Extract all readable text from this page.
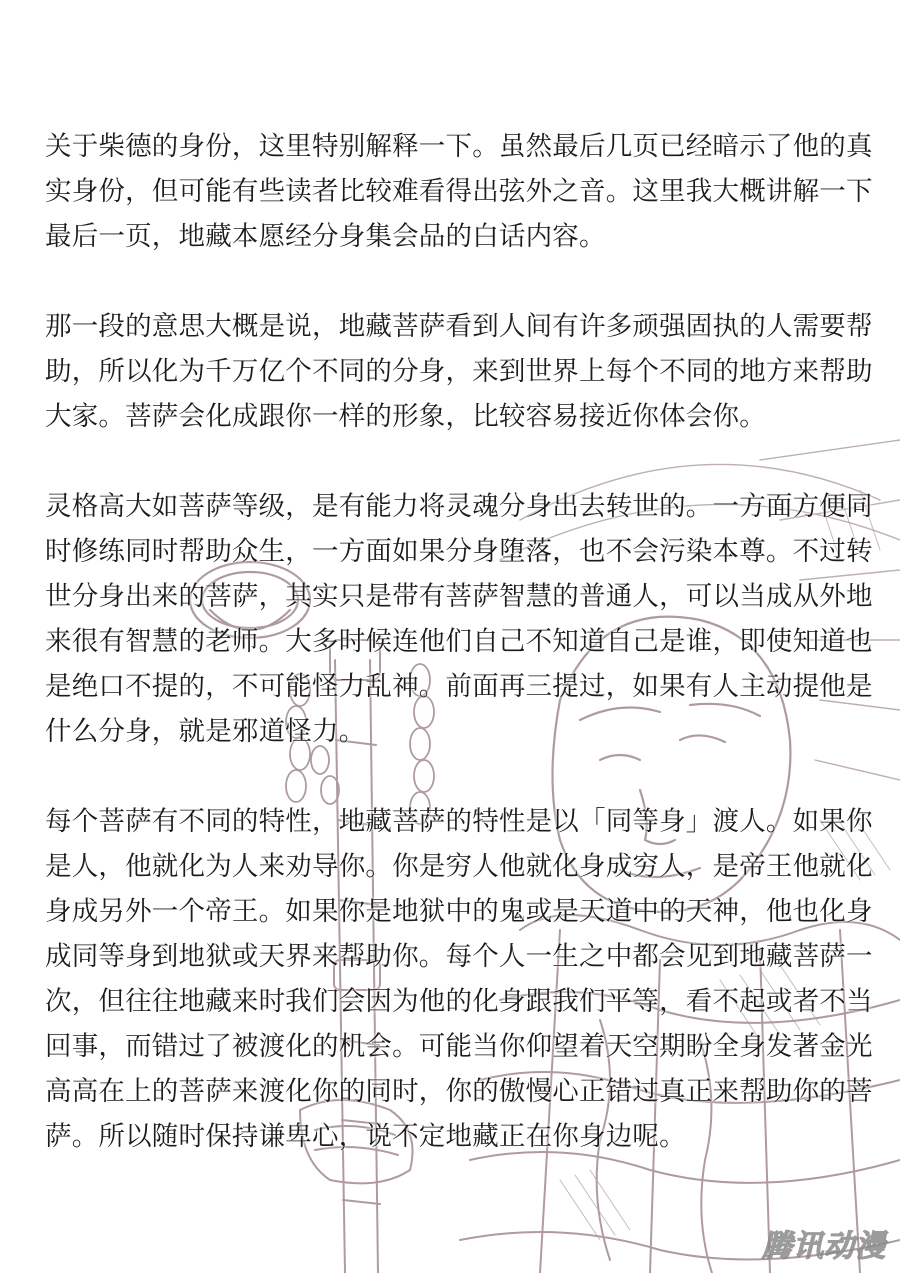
关于柴德的身份，这里特别解释一下。虽然最后几页已经暗示了他的真
实身份，但可能有些读者比较难看得出弦外之音。这里我大概讲解一下
最后一页，地藏本愿经分身集会品的白话内容。

那一段的意思大概是说，地藏菩萨看到人间有许多顽强固执的人需要帮
助，所以化为千万亿个不同的分身，来到世界上每个不同的地方来帮助
大家。菩萨会化成跟你一样的形象，比较容易接近你体会你。

灵格高大如菩萨等级，是有能力将灵魂分身出去转世的。一方面方便同
时修练同时帮助众生，一方面如果分身堕落，也不会污染本尊。不过转
世分身出来的菩萨，其实只是带有菩萨智慧的普通人，可以当成从外地
来很有智慧的老师。大多时候连他们自己不知道自己是谁，即使知道也
是绝口不提的，不可能怪力乱神。前面再三提过，如果有人主动提他是
什么分身，就是邪道怪力。

每个菩萨有不同的特性，地藏菩萨的特性是以「同等身」渡人。如果你
是人，他就化为人来劝导你。你是穷人他就化身成穷人，是帝王他就化
身成另外一个帝王。如果你是地狱中的鬼或是天道中的天神，他也化身
成同等身到地狱或天界来帮助你。每个人一生之中都会见到地藏菩萨一
次，但往往地藏来时我们会因为他的化身跟我们平等，看不起或者不当
回事，而错过了被渡化的机会。可能当你仰望着天空期盼全身发著金光
高高在上的菩萨来渡化你的同时，你的傲慢心正错过真正来帮助你的菩
萨。所以随时保持谦卑心，说不定地藏正在你身边呢。

腾讯动漫
